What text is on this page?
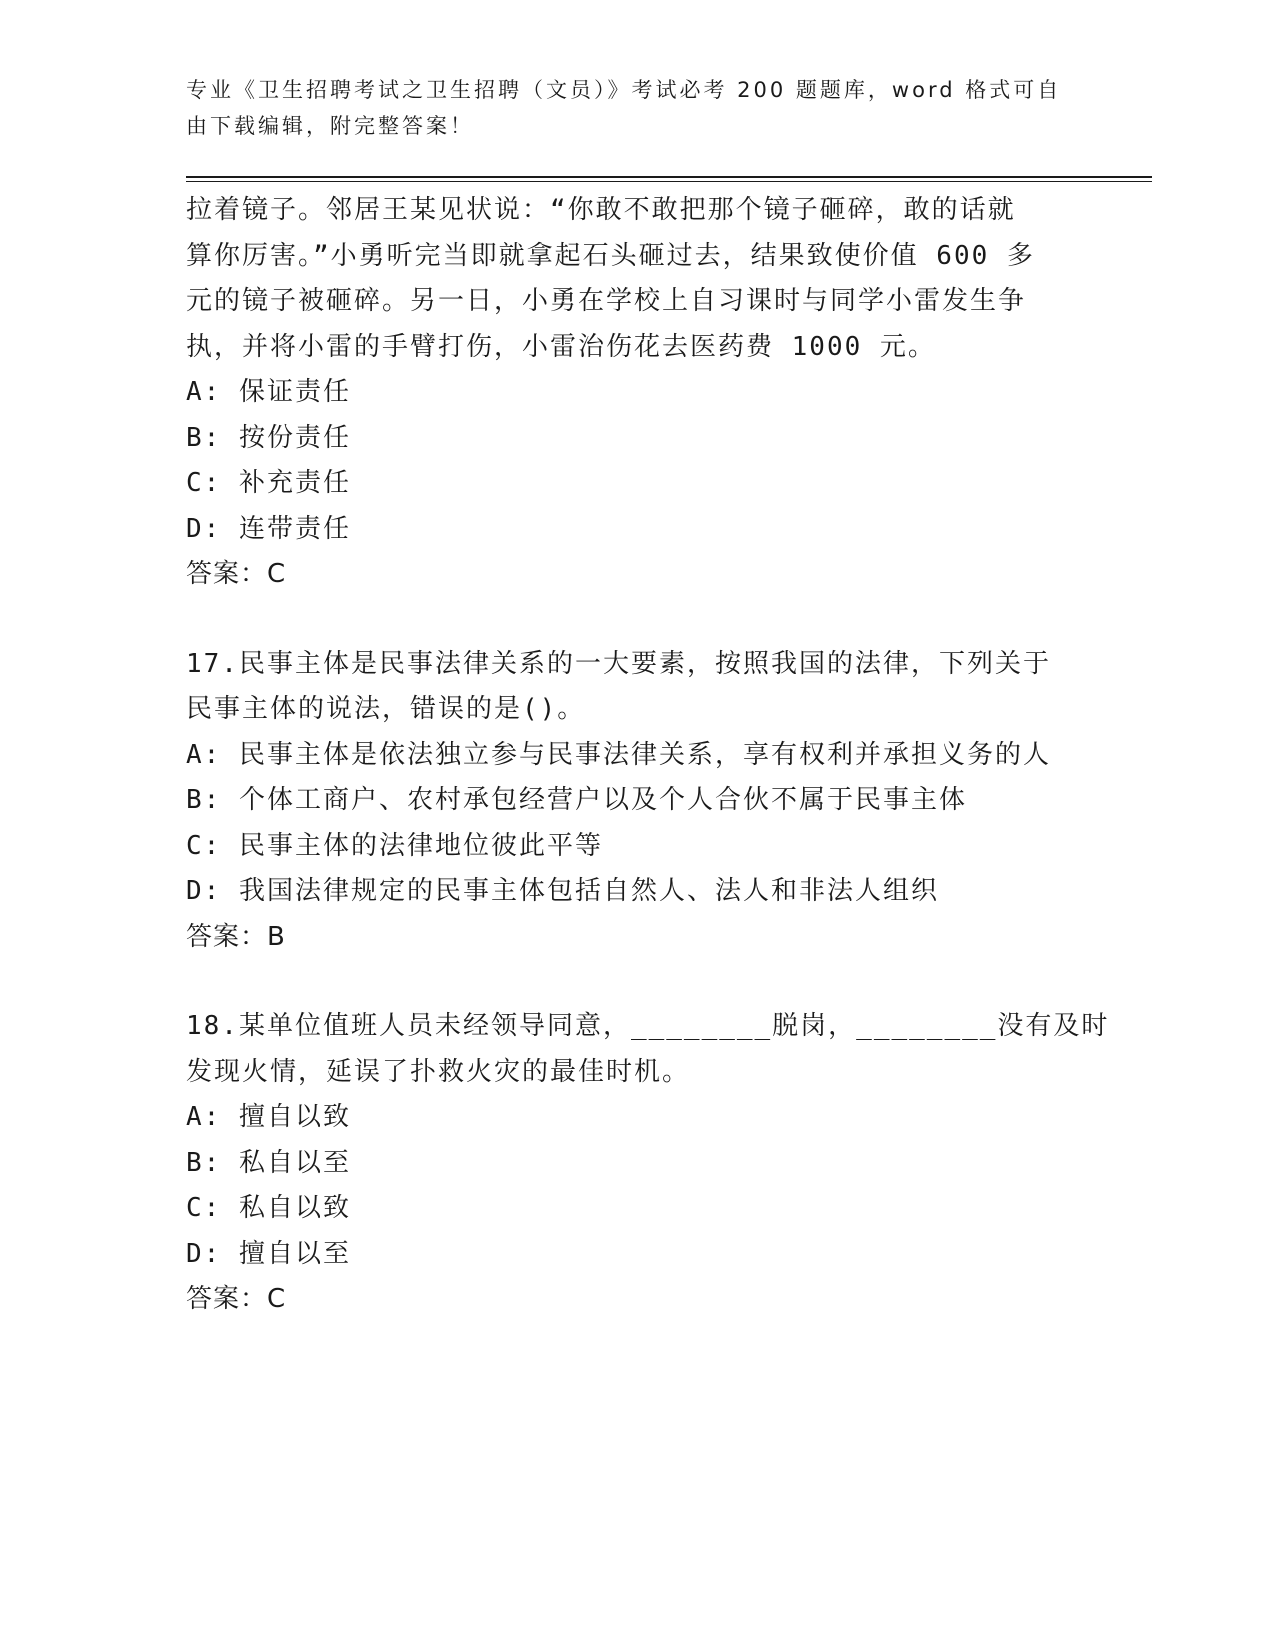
专业《卫生招聘考试之卫生招聘（文员）》考试必考 200 题题库，word 格式可自
由下载编辑，附完整答案！
拉着镜子。邻居王某见状说：“你敢不敢把那个镜子砸碎，敢的话就
算你厉害。”小勇听完当即就拿起石头砸过去，结果致使价值 600 多
元的镜子被砸碎。另一日，小勇在学校上自习课时与同学小雷发生争
执，并将小雷的手臂打伤，小雷治伤花去医药费 1000 元。
A: 保证责任
B: 按份责任
C: 补充责任
D: 连带责任
答案：C
17.民事主体是民事法律关系的一大要素，按照我国的法律，下列关于
民事主体的说法，错误的是()。
A: 民事主体是依法独立参与民事法律关系，享有权利并承担义务的人
B: 个体工商户、农村承包经营户以及个人合伙不属于民事主体
C: 民事主体的法律地位彼此平等
D: 我国法律规定的民事主体包括自然人、法人和非法人组织
答案：B
18.某单位值班人员未经领导同意，________脱岗，________没有及时
发现火情，延误了扑救火灾的最佳时机。
A: 擅自以致
B: 私自以至
C: 私自以致
D: 擅自以至
答案：C
